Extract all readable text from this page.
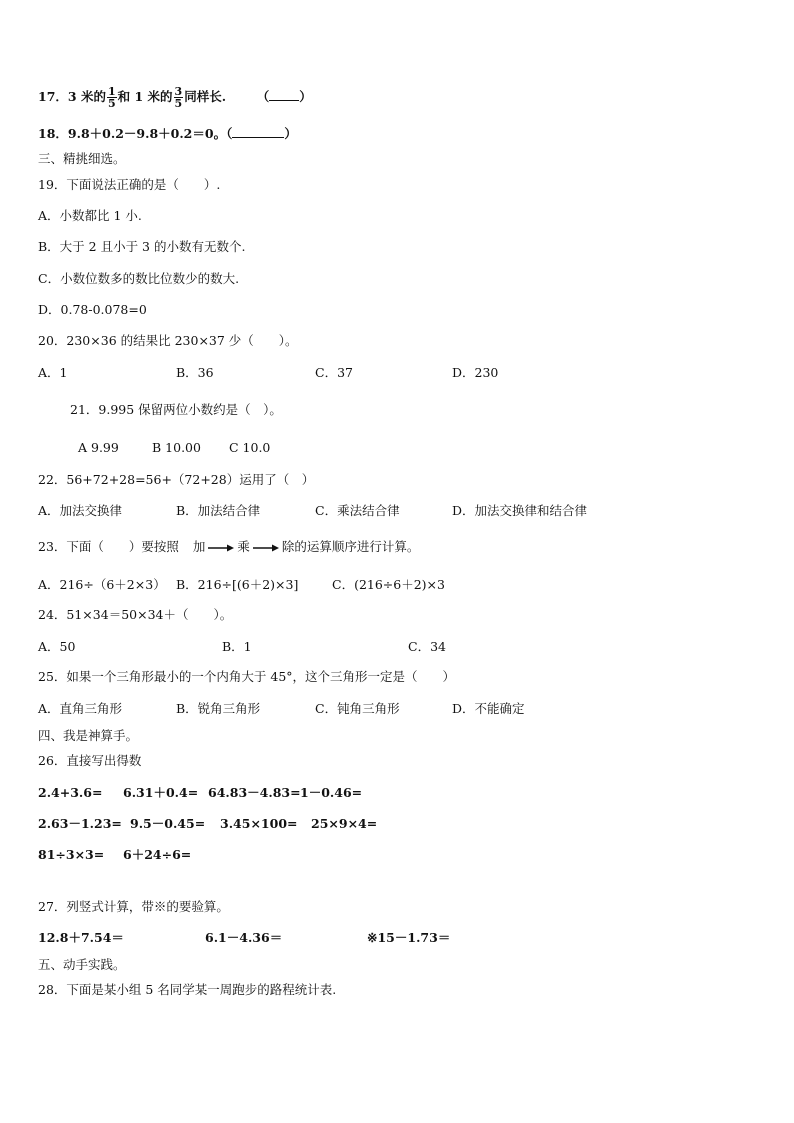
17．3 米的 $\frac{1}{5}$ 和 1 米的 $\frac{3}{5}$ 同样长. （ ）
18．9.8＋0.2－9.8＋0.2＝0。（	）
三、精挑细选。
19．下面说法正确的是（　　）.
A．小数都比 1 小.
B．大于 2 且小于 3 的小数有无数个.
C．小数位数多的数比位数少的数大.
D．0.78-0.078=0
20．230×36 的结果比 230×37 少（　　）。
A．1	B．36	C．37	D．230
21．9.995 保留两位小数约是（　）。
A 9.99	B 10.00 C 10.0
22．56+72+28=56+（72+28）运用了（　）
A．加法交换律	B．加法结合律	C．乘法结合律	D．加法交换律和结合律
23．下面（　　）要按照 加	乘	除的运算顺序进行计算。
A．216÷（6＋2×3） B．216÷[(6＋2)×3]	C．(216÷6＋2)×3
24．51×34＝50×34＋（　　）。
A．50	B．1	C．34
25．如果一个三角形最小的一个内角大于 45°，这个三角形一定是（　　）
A．直角三角形	B．锐角三角形	C．钝角三角形	D．不能确定
四、我是神算手。
26．直接写出得数
2.4+3.6= 6.31＋0.4= 64.83－4.83= 1－0.46=
2.63－1.23= 9.5－0.45= 3.45×100= 25×9×4=
81÷3×3= 6＋24÷6=
27．列竖式计算，带※的要验算。
12.8＋7.54＝	6.1－4.36＝	※15－1.73＝
五、动手实践。
28．下面是某小组 5 名同学某一周跑步的路程统计表.
